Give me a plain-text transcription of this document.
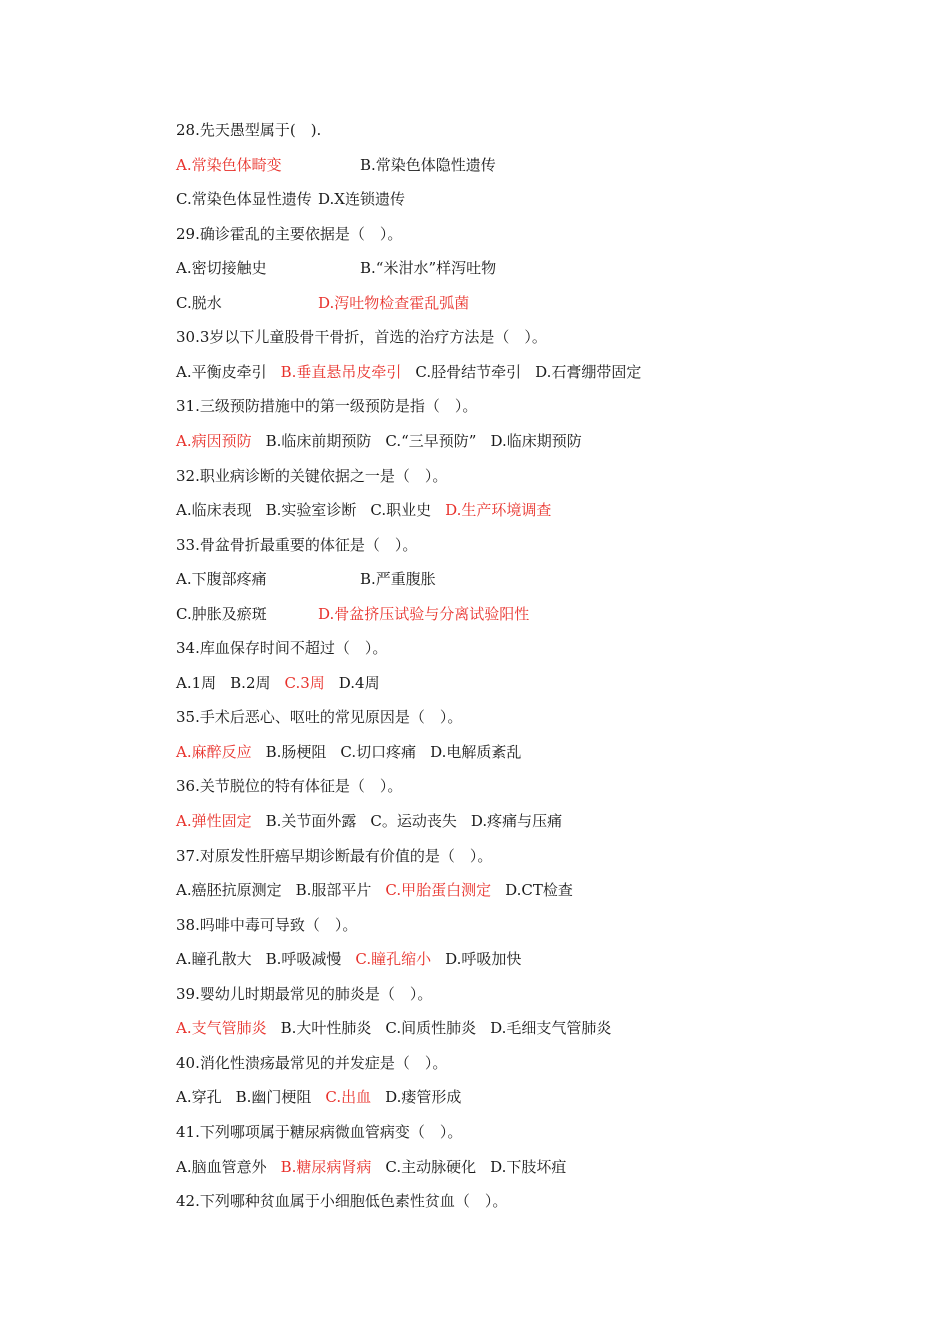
28.先天愚型属于(　).
A.常染色体畸变	B.常染色体隐性遗传
C.常染色体显性遗传 D.X连锁遗传
29.确诊霍乱的主要依据是（　）。
A.密切接触史	B.“米泔水”样泻吐物
C.脱水	D.泻吐物检查霍乱弧菌
30.3岁以下儿童股骨干骨折，首选的治疗方法是（　）。
A.平衡皮牵引 B.垂直悬吊皮牵引 C.胫骨结节牵引 D.石膏绷带固定
31.三级预防措施中的第一级预防是指（　）。
A.病因预防 B.临床前期预防 C.“三早预防” D.临床期预防
32.职业病诊断的关键依据之一是（　）。
A.临床表现 B.实验室诊断 C.职业史 D.生产环境调查
33.骨盆骨折最重要的体征是（　）。
A.下腹部疼痛	B.严重腹胀
C.肿胀及瘀斑	D.骨盆挤压试验与分离试验阳性
34.库血保存时间不超过（　）。
A.1周 B.2周 C.3周 D.4周
35.手术后恶心、呕吐的常见原因是（　）。
A.麻醉反应 B.肠梗阻 C.切口疼痛 D.电解质紊乱
36.关节脱位的特有体征是（　）。
A.弹性固定 B.关节面外露 C。运动丧失 D.疼痛与压痛
37.对原发性肝癌早期诊断最有价值的是（　）。
A.癌胚抗原测定 B.服部平片 C.甲胎蛋白测定 D.CT检查
38.吗啡中毒可导致（　）。
A.瞳孔散大 B.呼吸减慢 C.瞳孔缩小 D.呼吸加快
39.婴幼儿时期最常见的肺炎是（　）。
A.支气管肺炎 B.大叶性肺炎 C.间质性肺炎 D.毛细支气管肺炎
40.消化性溃疡最常见的并发症是（　）。
A.穿孔 B.幽门梗阻 C.出血 D.瘘管形成
41.下列哪项属于糖尿病微血管病变（　）。
A.脑血管意外 B.糖尿病肾病 C.主动脉硬化 D.下肢坏疽
42.下列哪种贫血属于小细胞低色素性贫血（　）。
